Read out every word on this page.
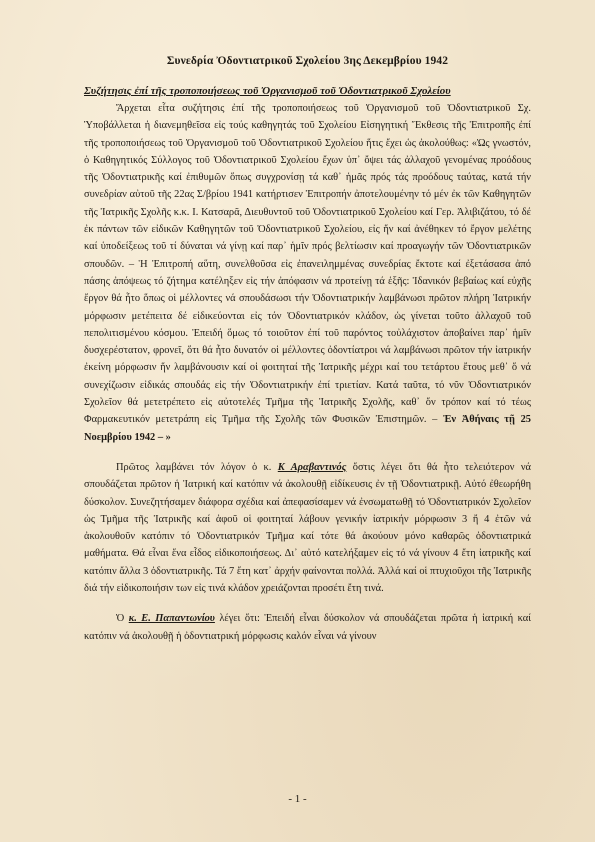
Συνεδρία Ὀδοντιατρικοῦ Σχολείου 3ης Δεκεμβρίου 1942
Συζήτησις ἐπί τῆς τροποποιήσεως τοῦ Ὀργανισμοῦ τοῦ Ὀδοντιατρικοῦ Σχολείου

Ἄρχεται εἶτα συζήτησις ἐπί τῆς τροποποιήσεως τοῦ Ὀργανισμοῦ τοῦ Ὀδοντιατρικοῦ Σχ. Ὑποβάλλεται ἡ διανεμηθεῖσα εἰς τούς καθηγητάς τοῦ Σχολείου Εἰσηγητική Ἔκθεσις τῆς Ἐπιτροπῆς ἐπί τῆς τροποποιήσεως τοῦ Ὀργανισμοῦ τοῦ Ὀδοντιατρικοῦ Σχολείου ἥτις ἔχει ὡς ἀκολούθως: «Ὡς γνωστόν, ὁ Καθηγητικός Σύλλογος τοῦ Ὀδοντιατρικοῦ Σχολείου ἔχων ὑπ᾽ ὄψει τάς ἀλλαχοῦ γενομένας προόδους τῆς Ὀδοντιατρικῆς καί ἐπιθυμῶν ὅπως συγχρονίσῃ τά καθ᾽ ἡμᾶς πρός τάς προόδους ταύτας, κατά τήν συνεδρίαν αὐτοῦ τῆς 22ας Σ/βρίου 1941 κατήρτισεν Ἐπιτροπήν ἀποτελουμένην τό μέν ἐκ τῶν Καθηγητῶν τῆς Ἰατρικῆς Σχολῆς κ.κ. Ι. Κατσαρᾶ, Διευθυντοῦ τοῦ Ὀδοντιατρικοῦ Σχολείου καί Γερ. Ἀλιβιζάτου, τό δέ ἐκ πάντων τῶν εἰδικῶν Καθηγητῶν τοῦ Ὀδοντιατρικοῦ Σχολείου, εἰς ἥν καί ἀνέθηκεν τό ἔργον μελέτης καί ὑποδείξεως τοῦ τί δύναται νά γίνῃ καί παρ᾽ ἡμῖν πρός βελτίωσιν καί προαγωγήν τῶν Ὀδοντιατρικῶν σπουδῶν. – Ἡ Ἐπιτροπή αὕτη, συνελθοῦσα εἰς ἐπανειλημμένας συνεδρίας ἔκτοτε καί ἐξετάσασα ἀπό πάσης ἀπόψεως τό ζήτημα κατέληξεν εἰς τήν ἀπόφασιν νά προτείνῃ τά ἑξῆς: Ἰδανικόν βεβαίως καί εὐχῆς ἔργον θά ἦτο ὅπως οἱ μέλλοντες νά σπουδάσωσι τήν Ὀδοντιατρικήν λαμβάνωσι πρῶτον πλήρη Ἰατρικήν μόρφωσιν μετέπειτα δέ εἰδικεύονται εἰς τόν Ὀδοντιατρικόν κλάδον, ὡς γίνεται τοῦτο ἀλλαχοῦ τοῦ πεπολιτισμένου κόσμου. Ἐπειδή ὅμως τό τοιοῦτον ἐπί τοῦ παρόντος τοὐλάχιστον ἀποβαίνει παρ᾽ ἡμῖν δυσχερέστατον, φρονεῖ, ὅτι θά ἦτο δυνατόν οἱ μέλλοντες ὀδοντίατροι νά λαμβάνωσι πρῶτον τήν ἰατρικήν ἐκείνη μόρφωσιν ἥν λαμβάνουσιν καί οἱ φοιτηταί τῆς Ἰατρικῆς μέχρι καί του τετάρτου ἔτους μεθ᾽ ὅ νά συνεχίζωσιν εἰδικάς σπουδάς εἰς τήν Ὀδοντιατρικήν ἐπί τριετίαν. Κατά ταῦτα, τό νῦν Ὀδοντιατρικόν Σχολεῖον θά μετετρέπετο εἰς αὐτοτελές Τμῆμα τῆς Ἰατρικῆς Σχολῆς, καθ᾽ ὅν τρόπον καί τό τέως Φαρμακευτικόν μετετράπη εἰς Τμῆμα τῆς Σχολῆς τῶν Φυσικῶν Ἐπιστημῶν. – Ἐν Ἀθήναις τῇ 25 Νοεμβρίου 1942 – »

Πρῶτος λαμβάνει τόν λόγον ὁ κ. Κ Αραβαντινός ὅστις λέγει ὅτι θά ἦτο τελειότερον νά σπουδάζεται πρῶτον ἡ Ἰατρική καί κατόπιν νά ἀκολουθῇ εἰδίκευσις ἐν τῇ Ὀδοντιατρικῇ. Αὐτό ἐθεωρήθη δύσκολον. Συνεζητήσαμεν διάφορα σχέδια καί ἀπεφασίσαμεν νά ἐνσωματωθῇ τό Ὀδοντιατρικόν Σχολεῖον ὡς Τμῆμα τῆς Ἰατρικῆς καί ἀφοῦ οἱ φοιτηταί λάβουν γενικήν ἰατρικήν μόρφωσιν 3 ἤ 4 ἐτῶν νά ἀκολουθοῦν κατόπιν τό Ὀδοντιατρικόν Τμῆμα καί τότε θά ἀκούουν μόνο καθαρῶς ὀδοντιατρικά μαθήματα. Θά εἶναι ἕνα εἶδος εἰδικοποιήσεως. Δι᾽ αὐτό κατελήξαμεν εἰς τό νά γίνουν 4 ἔτη ἰατρικῆς καί κατόπιν ἄλλα 3 ὀδοντιατρικῆς. Τά 7 ἔτη κατ᾽ ἀρχήν φαίνονται πολλά. Ἀλλά καί οἱ πτυχιοῦχοι τῆς Ἰατρικῆς διά τήν εἰδικοποιήσιν των εἰς τινά κλάδον χρειάζονται προσέτι ἔτη τινά.

Ὁ κ. Ε. Παπαντωνίου λέγει ὅτι: Ἐπειδή εἶναι δύσκολον νά σπουδάζεται πρῶτα ἡ ἰατρική καί κατόπιν νά ἀκολουθῇ ἡ ὀδοντιατρική μόρφωσις καλόν εἶναι νά γίνουν

- 1 -
